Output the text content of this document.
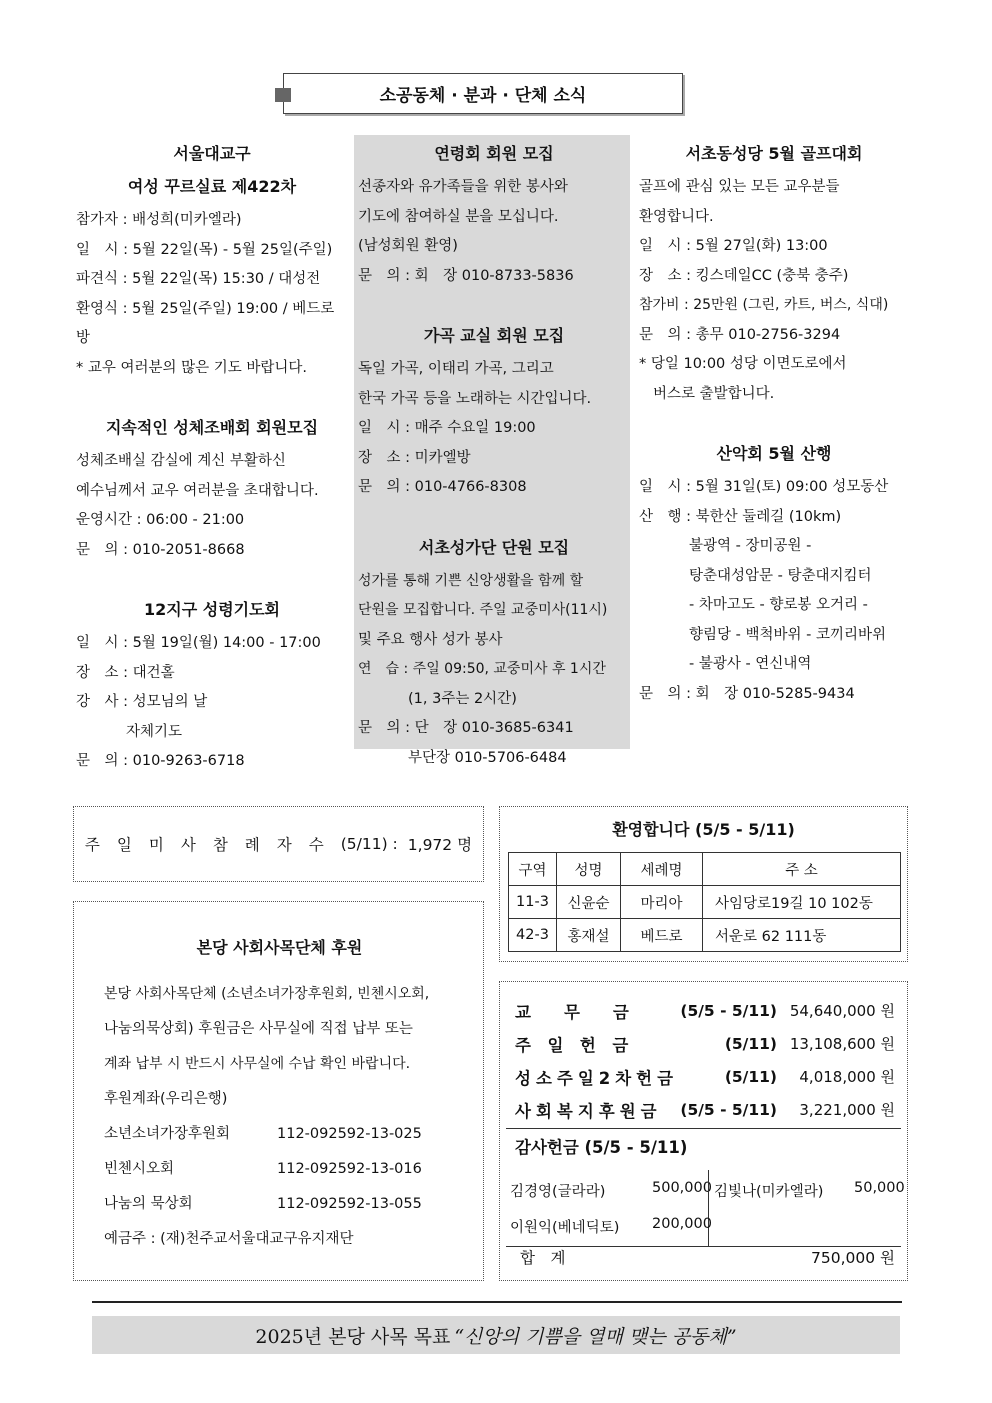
소공동체 · 분과 · 단체 소식
서울대교구
여성 꾸르실료 제422차
참가자 : 배성희(미카엘라)
일　시 : 5월 22일(목) - 5월 25일(주일)
파견식 : 5월 22일(목) 15:30 / 대성전
환영식 : 5월 25일(주일) 19:00 / 베드로방
* 교우 여러분의 많은 기도 바랍니다.
지속적인 성체조배회 회원모집
성체조배실 감실에 계신 부활하신
예수님께서 교우 여러분을 초대합니다.
운영시간 : 06:00 - 21:00
문　의 : 010-2051-8668
12지구 성령기도회
일　시 : 5월 19일(월) 14:00 - 17:00
장　소 : 대건홀
강　사 : 성모님의 날
자체기도
문　의 : 010-9263-6718
연령회 회원 모집
선종자와 유가족들을 위한 봉사와
기도에 참여하실 분을 모십니다.
(남성회원 환영)
문　의 : 회　장 010-8733-5836
가곡 교실 회원 모집
독일 가곡, 이태리 가곡, 그리고
한국 가곡 등을 노래하는 시간입니다.
일　시 : 매주 수요일 19:00
장　소 : 미카엘방
문　의 : 010-4766-8308
서초성가단 단원 모집
성가를 통해 기쁜 신앙생활을 함께 할
단원을 모집합니다. 주일 교중미사(11시)
및 주요 행사 성가 봉사
연　습 : 주일 09:50, 교중미사 후 1시간
(1, 3주는 2시간)
문　의 : 단　장 010-3685-6341
부단장 010-5706-6484
서초동성당 5월 골프대회
골프에 관심 있는 모든 교우분들
환영합니다.
일　시 : 5월 27일(화) 13:00
장　소 : 킹스데일CC (충북 충주)
참가비 : 25만원 (그린, 카트, 버스, 식대)
문　의 : 총무 010-2756-3294
* 당일 10:00 성당 이면도로에서
버스로 출발합니다.
산악회 5월 산행
일　시 : 5월 31일(토) 09:00 성모동산
산　행 : 북한산 둘레길 (10km)
불광역 - 장미공원 -
탕춘대성암문 - 탕춘대지킴터
- 차마고도 - 향로봉 오거리 -
향림당 - 백척바위 - 코끼리바위
- 불광사 - 연신내역
문　의 : 회　장 010-5285-9434
주일미사참례자수 (5/11) : 1,972 명
환영합니다 (5/5 - 5/11)
구역	성명	세례명	주 소
11-3	신윤순	마리아	사임당로19길 10 102동
42-3	홍재설	베드로	서운로 62 111동
본당 사회사목단체 후원
본당 사회사목단체 (소년소녀가장후원회, 빈첸시오회,
나눔의묵상회) 후원금은 사무실에 직접 납부 또는
계좌 납부 시 반드시 사무실에 수납 확인 바랍니다.
후원계좌(우리은행)
소년소녀가장후원회	112-092592-13-025
빈첸시오회	112-092592-13-016
나눔의 묵상회	112-092592-13-055
예금주 : (재)천주교서울대교구유지재단
교　　무　　금	(5/5 - 5/11) 54,640,000 원
주　일　헌　금	(5/11) 13,108,600 원
성소주일2차헌금	(5/11) 4,018,000 원
사회복지후원금 (5/5 - 5/11) 3,221,000 원
감사헌금 (5/5 - 5/11)
김경영(글라라)	500,000 김빛나(미카엘라) 50,000
이원익(베네딕토) 200,000
합　계	750,000 원
2025년 본당 사목 목표 “신앙의 기쁨을 열매 맺는 공동체”
